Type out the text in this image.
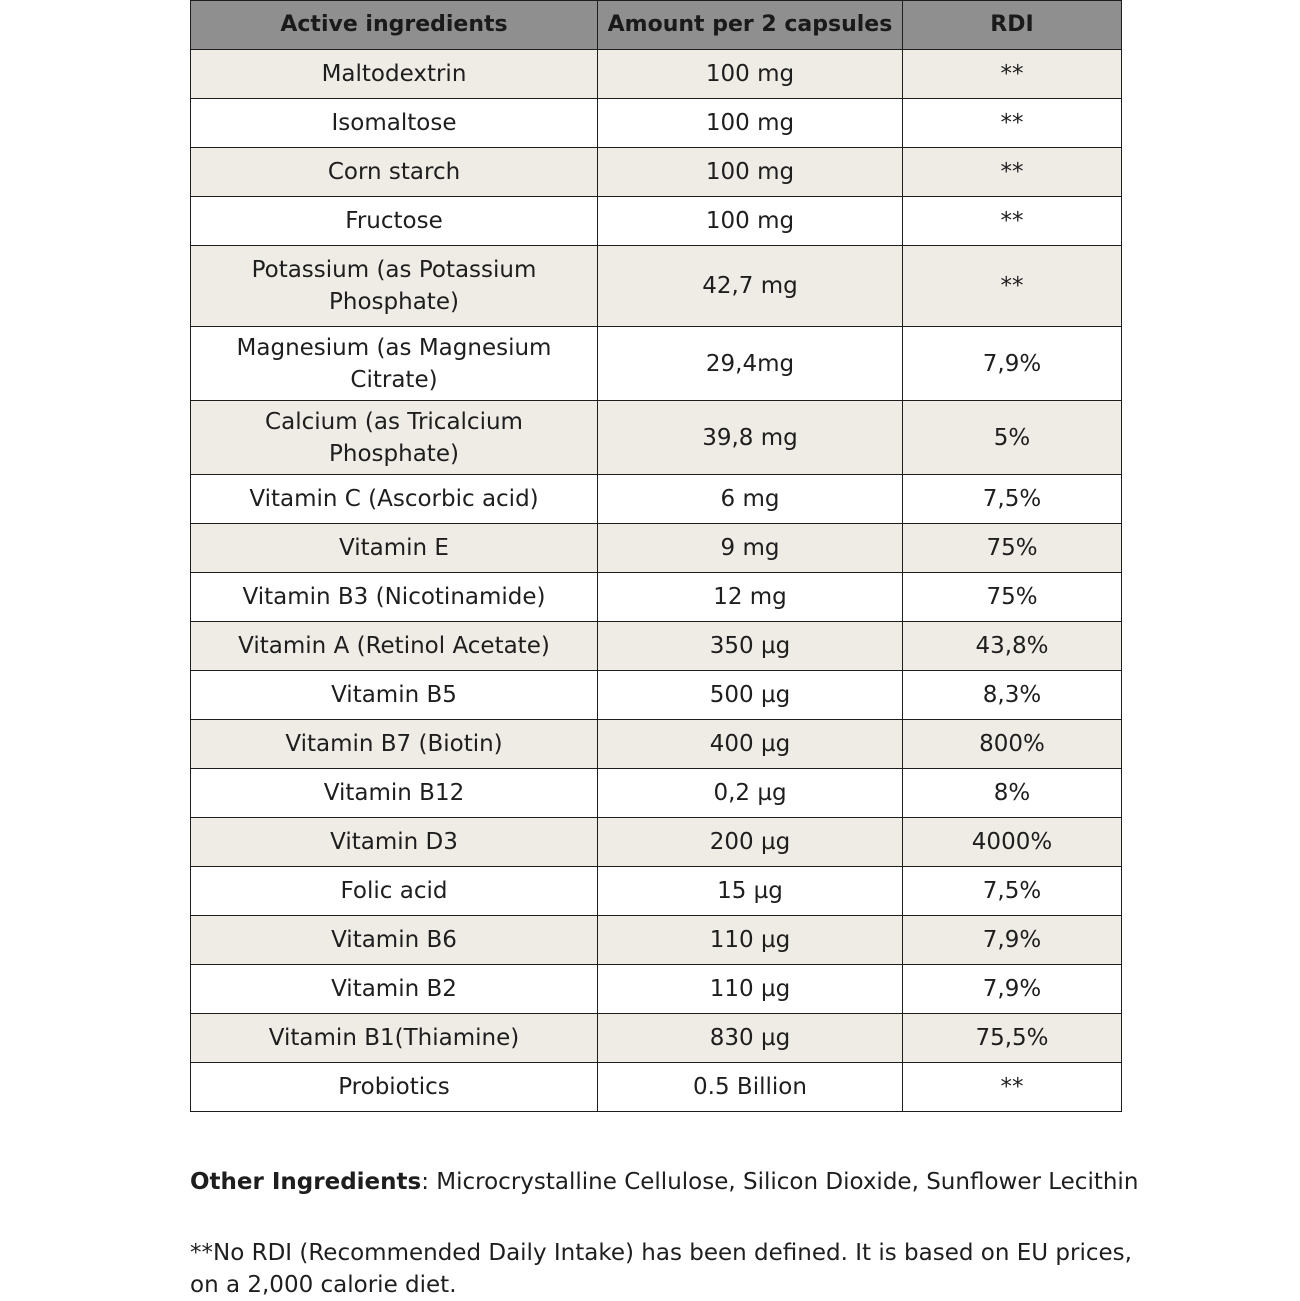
Active ingredients	Amount per 2 capsules	RDI
Maltodextrin	100 mg	**
Isomaltose	100 mg	**
Corn starch	100 mg	**
Fructose	100 mg	**
Potassium (as Potassium Phosphate)	42,7 mg	**
Magnesium (as Magnesium Citrate)	29,4mg	7,9%
Calcium (as Tricalcium Phosphate)	39,8 mg	5%
Vitamin C (Ascorbic acid)	6 mg	7,5%
Vitamin E	9 mg	75%
Vitamin B3 (Nicotinamide)	12 mg	75%
Vitamin A (Retinol Acetate)	350 µg	43,8%
Vitamin B5	500 µg	8,3%
Vitamin B7 (Biotin)	400 µg	800%
Vitamin B12	0,2 µg	8%
Vitamin D3	200 µg	4000%
Folic acid	15 µg	7,5%
Vitamin B6	110 µg	7,9%
Vitamin B2	110 µg	7,9%
Vitamin B1(Thiamine)	830 µg	75,5%
Probiotics	0.5 Billion	**
Other Ingredients: Microcrystalline Cellulose, Silicon Dioxide, Sunflower Lecithin
**No RDI (Recommended Daily Intake) has been defined. It is based on EU prices, on a 2,000 calorie diet.
